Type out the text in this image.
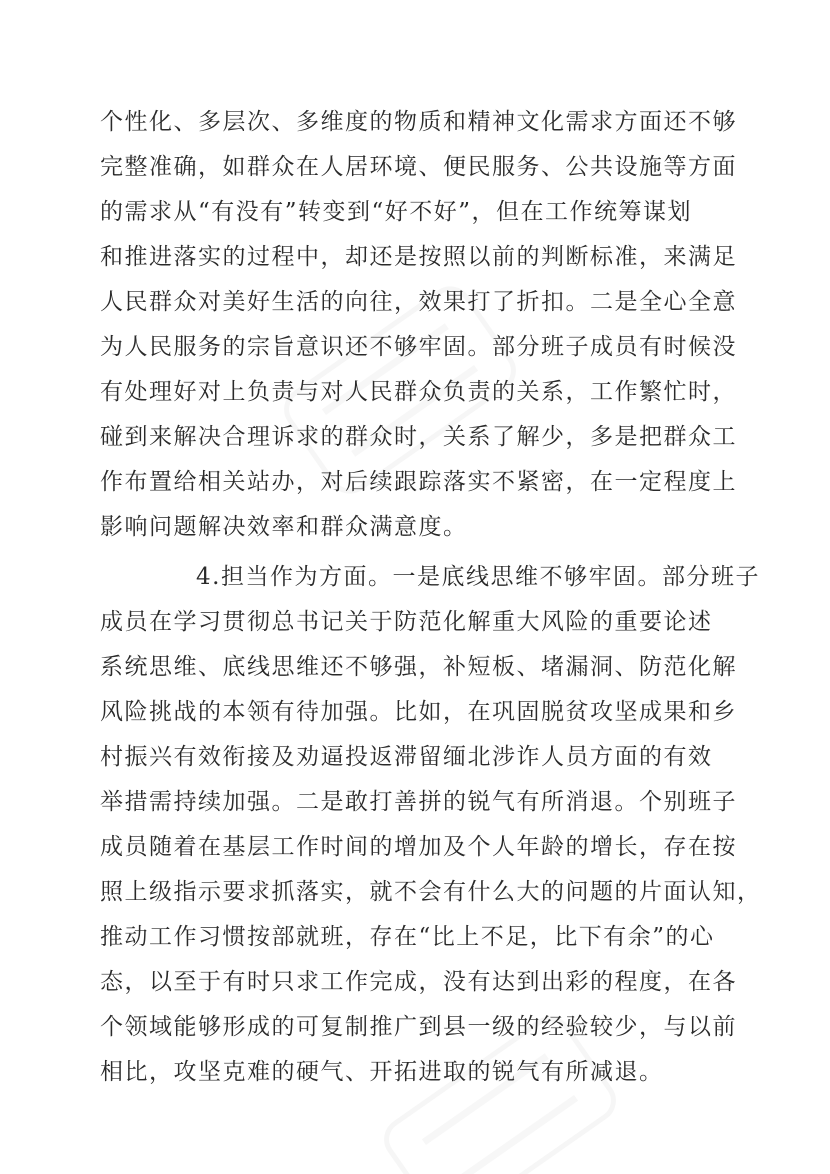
个性化、多层次、多维度的物质和精神文化需求方面还不够
完整准确，如群众在人居环境、便民服务、公共设施等方面
的需求从“有没有”转变到“好不好”，但在工作统筹谋划
和推进落实的过程中，却还是按照以前的判断标准，来满足
人民群众对美好生活的向往，效果打了折扣。二是全心全意
为人民服务的宗旨意识还不够牢固。部分班子成员有时候没
有处理好对上负责与对人民群众负责的关系，工作繁忙时，
碰到来解决合理诉求的群众时，关系了解少，多是把群众工
作布置给相关站办，对后续跟踪落实不紧密，在一定程度上
影响问题解决效率和群众满意度。
4.担当作为方面。一是底线思维不够牢固。部分班子
成员在学习贯彻总书记关于防范化解重大风险的重要论述
系统思维、底线思维还不够强，补短板、堵漏洞、防范化解
风险挑战的本领有待加强。比如，在巩固脱贫攻坚成果和乡
村振兴有效衔接及劝逼投返滞留缅北涉诈人员方面的有效
举措需持续加强。二是敢打善拼的锐气有所消退。个别班子
成员随着在基层工作时间的增加及个人年龄的增长，存在按
照上级指示要求抓落实，就不会有什么大的问题的片面认知，
推动工作习惯按部就班，存在“比上不足，比下有余”的心
态，以至于有时只求工作完成，没有达到出彩的程度，在各
个领域能够形成的可复制推广到县一级的经验较少，与以前
相比，攻坚克难的硬气、开拓进取的锐气有所减退。
